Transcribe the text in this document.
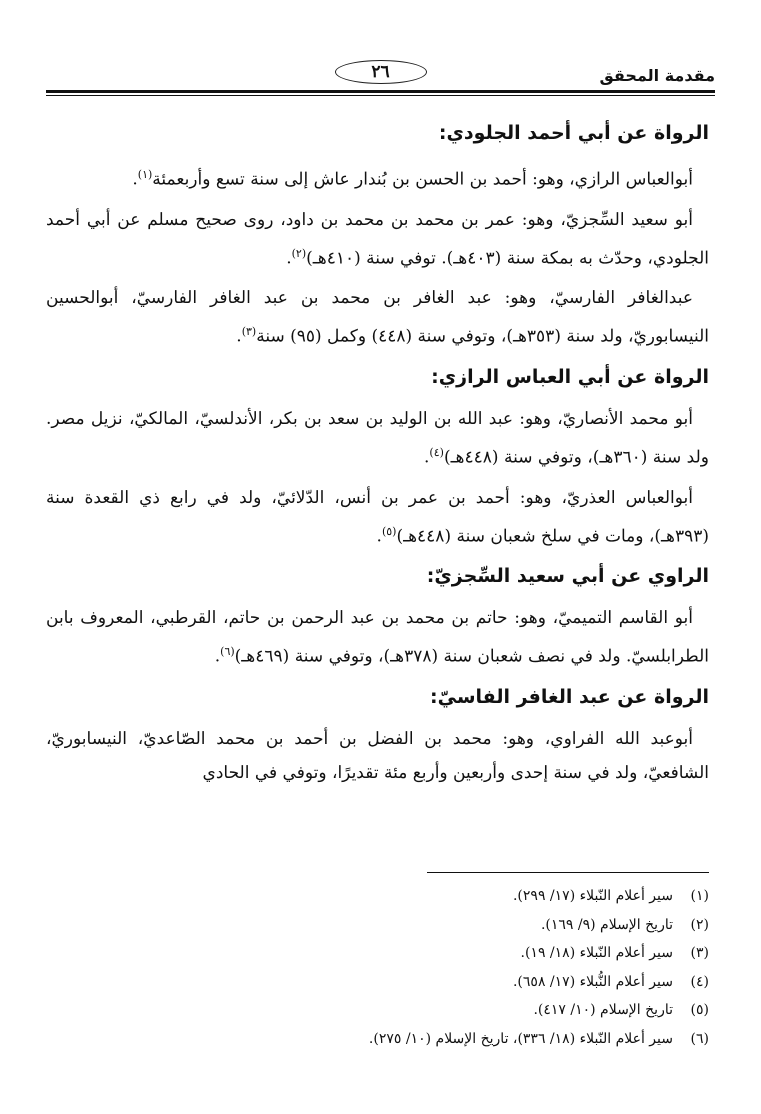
مقدمة المحقق
٢٦
الرواة عن أبي أحمد الجلودي:
أبوالعباس الرازي، وهو: أحمد بن الحسن بن بُندار عاش إلى سنة تسع وأربعمئة$^{(١)}$.
أبو سعيد السِّجزيّ، وهو: عمر بن محمد بن محمد بن داود، روى صحيح مسلم عن أبي أحمد الجلودي، وحدّث به بمكة سنة (٤٠٣هـ). توفي سنة (٤١٠هـ)$^{(٢)}$.
عبدالغافر الفارسيّ، وهو: عبد الغافر بن محمد بن عبد الغافر الفارسيّ، أبوالحسين النيسابوريّ، ولد سنة (٣٥٣هـ)، وتوفي سنة (٤٤٨) وكمل (٩٥) سنة$^{(٣)}$.
الرواة عن أبي العباس الرازي:
أبو محمد الأنصاريّ، وهو: عبد الله بن الوليد بن سعد بن بكر، الأندلسيّ، المالكيّ، نزيل مصر. ولد سنة (٣٦٠هـ)، وتوفي سنة (٤٤٨هـ)$^{(٤)}$.
أبوالعباس العذريّ، وهو: أحمد بن عمر بن أنس، الدّلائيّ، ولد في رابع ذي القعدة سنة (٣٩٣هـ)، ومات في سلخ شعبان سنة (٤٤٨هـ)$^{(٥)}$.
الراوي عن أبي سعيد السِّجزيّ:
أبو القاسم التميميّ، وهو: حاتم بن محمد بن عبد الرحمن بن حاتم، القرطبي، المعروف بابن الطرابلسيّ. ولد في نصف شعبان سنة (٣٧٨هـ)، وتوفي سنة (٤٦٩هـ)$^{(٦)}$.
الرواة عن عبد الغافر الفاسيّ:
أبوعبد الله الفراوي، وهو: محمد بن الفضل بن أحمد بن محمد الصّاعديّ، النيسابوريّ، الشافعيّ، ولد في سنة إحدى وأربعين وأربع مئة تقديرًا، وتوفي في الحادي
(١)سير أعلام النّبلاء (١٧/ ٢٩٩).
(٢)تاريخ الإسلام (٩/ ١٦٩).
(٣)سير أعلام النّبلاء (١٨/ ١٩).
(٤)سير أعلام النُّبلاء (١٧/ ٦٥٨).
(٥)تاريخ الإسلام (١٠/ ٤١٧).
(٦)سير أعلام النّبلاء (١٨/ ٣٣٦)، تاريخ الإسلام (١٠/ ٢٧٥).
